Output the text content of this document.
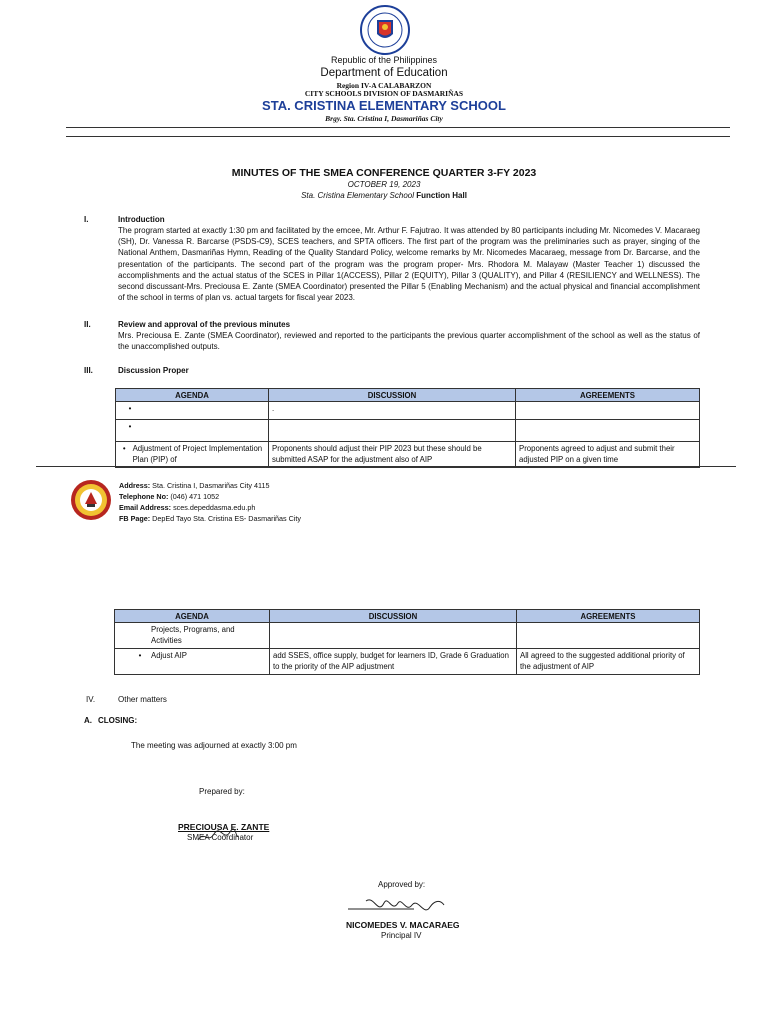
Republic of the Philippines
Department of Education
Region IV-A CALABARZON
CITY SCHOOLS DIVISION OF DASMARIÑAS
STA. CRISTINA ELEMENTARY SCHOOL
Brgy. Sta. Cristina I, Dasmariñas City
MINUTES OF THE SMEA CONFERENCE QUARTER 3-FY 2023
OCTOBER 19, 2023
Sta. Cristina Elementary School Function Hall
I.	Introduction
The program started at exactly 1:30 pm and facilitated by the emcee, Mr. Arthur F. Fajutrao. It was attended by 80 participants including Mr. Nicomedes V. Macaraeg (SH), Dr. Vanessa R. Barcarse (PSDS-C9), SCES teachers, and SPTA officers. The first part of the program was the preliminaries such as prayer, singing of the National Anthem, Dasmariñas Hymn, Reading of the Quality Standard Policy, welcome remarks by Mr. Nicomedes Macaraeg, message from Dr. Barcarse, and the presentation of the participants. The second part of the program was the program proper- Mrs. Rhodora M. Malayaw (Master Teacher 1) discussed the accomplishments and the actual status of the SCES in Pillar 1(ACCESS), Pillar 2 (EQUITY), Pillar 3 (QUALITY), and Pillar 4 (RESILIENCY and WELLNESS). The second discussant-Mrs. Preciousa E. Zante (SMEA Coordinator) presented the Pillar 5 (Enabling Mechanism) and the actual physical and financial accomplishment of the school in terms of plan vs. actual targets for fiscal year 2023.
II.	Review and approval of the previous minutes
Mrs. Preciousa E. Zante (SMEA Coordinator), reviewed and reported to the participants the previous quarter accomplishment of the school as well as the status of the unaccomplished outputs.
III.	Discussion Proper
AGENDA	DISCUSSION	AGREEMENTS
•	.	
•		

• Adjustment of Project Implementation Plan (PIP) of	Proponents should adjust their PIP 2023 but these should be submitted ASAP for the adjustment also of AIP	Proponents agreed to adjust and submit their adjusted PIP on a given time
Address: Sta. Cristina I, Dasmariñas City 4115
Telephone No: (046) 471 1052
Email Address: sces.depeddasma.edu.ph
FB Page: DepEd Tayo Sta. Cristina ES- Dasmariñas City
AGENDA	DISCUSSION	AGREEMENTS
Projects, Programs, and Activities		
• Adjust AIP	add SSES, office supply, budget for learners ID, Grade 6 Graduation to the priority of the AIP adjustment	All agreed to the suggested additional priority of the adjustment of AIP
IV.	Other matters
A. CLOSING:
The meeting was adjourned at exactly 3:00 pm
Prepared by:
PRECIOUSA E. ZANTE
SMEA Coordinator
Approved by:
NICOMEDES V. MACARAEG
Principal IV
